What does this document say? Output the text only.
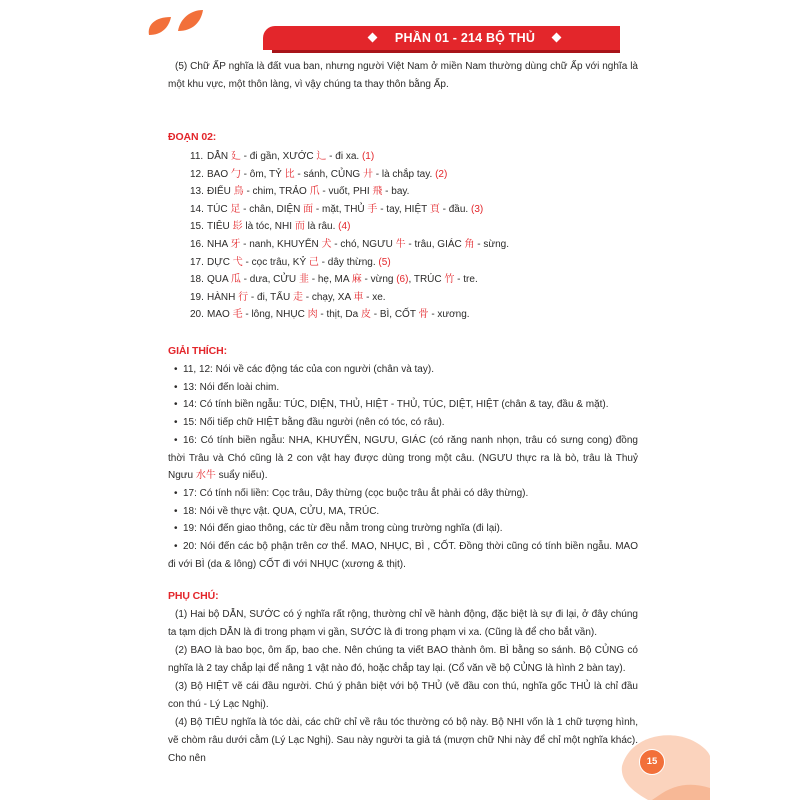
PHẦN 01 - 214 BỘ THỦ
(5) Chữ ẤP nghĩa là đất vua ban, nhưng người Việt Nam ở miền Nam thường dùng chữ Ấp với nghĩa là một khu vực, một thôn làng, vì vậy chúng ta thay thôn bằng Ấp.
ĐOẠN 02:
11. DẪN 廴 - đi gần, XƯỚC 辶 - đi xa. (1)
12. BAO 勹 - ôm, TỶ 比 - sánh, CỦNG 廾 - là chắp tay. (2)
13. ĐIỂU 鳥 - chim, TRẢO 爪 - vuốt, PHI 飛 - bay.
14. TÚC 足 - chân, DIỆN 面 - mặt, THỦ 手 - tay, HIỆT 頁 - đầu. (3)
15. TIÊU 髟 là tóc, NHI 而 là râu. (4)
16. NHA 牙 - nanh, KHUYỂN 犬 - chó, NGƯU 牛 - trâu, GIÁC 角 - sừng.
17. DỰC 弋 - cọc trâu, KỶ 己 - dây thừng. (5)
18. QUA 瓜 - dưa, CỬU 韭 - hẹ, MA 麻 - vừng (6), TRÚC 竹 - tre.
19. HÀNH 行 - đi, TẨU 走 - chạy, XA 車 - xe.
20. MAO 毛 - lông, NHỤC 肉 - thịt, Da 皮 - BÌ, CỐT 骨 - xương.
GIẢI THÍCH:
• 11, 12: Nói về các động tác của con người (chân và tay).
• 13: Nói đến loài chim.
• 14: Có tính biền ngẫu: TÚC, DIỆN, THỦ, HIỆT - THỦ, TÚC, DIỆT, HIỆT (chân & tay, đầu & mặt).
• 15: Nối tiếp chữ HIỆT bằng đầu người (nên có tóc, có râu).
• 16: Có tính biền ngẫu: NHA, KHUYỂN, NGƯU, GIÁC (có răng nanh nhọn, trâu có sưng cong) đồng thời Trâu và Chó cũng là 2 con vật hay được dùng trong một câu. (NGƯU thực ra là bò, trâu là Thuỷ Ngưu 水牛 suẩy niếu).
• 17: Có tính nối liền: Cọc trâu, Dây thừng (cọc buộc trâu ắt phải có dây thừng).
• 18: Nói về thực vật. QUA, CỬU, MA, TRÚC.
• 19: Nói đến giao thông, các từ đều nằm trong cùng trường nghĩa (đi lại).
• 20: Nói đến các bộ phận trên cơ thể. MAO, NHỤC, BÌ , CỐT. Đồng thời cũng có tính biền ngẫu. MAO đi với BÌ (da & lông) CỐT đi với NHỤC (xương & thịt).
PHỤ CHÚ:
(1) Hai bộ DẪN, SƯỚC có ý nghĩa rất rộng, thường chỉ về hành động, đặc biệt là sự đi lại, ở đây chúng ta tạm dịch DẪN là đi trong phạm vi gần, SƯỚC là đi trong phạm vi xa. (Cũng là để cho bắt vần).
(2) BAO là bao bọc, ôm ấp, bao che. Nên chúng ta viết BAO thành ôm. BÌ bằng so sánh. Bộ CỦNG có nghĩa là 2 tay chắp lại để nâng 1 vật nào đó, hoặc chắp tay lại. (Cổ văn về bộ CỦNG là hình 2 bàn tay).
(3) Bộ HIỆT vẽ cái đầu người. Chú ý phân biệt với bộ THỦ (vẽ đầu con thú, nghĩa gốc THỦ là chỉ đầu con thú - Lý Lạc Nghị).
(4) Bộ TIÊU nghĩa là tóc dài, các chữ chỉ về râu tóc thường có bộ này. Bộ NHI vốn là 1 chữ tượng hình, vẽ chòm râu dưới cằm (Lý Lạc Nghị). Sau này người ta giả tá (mượn chữ Nhi này để chỉ một nghĩa khác). Cho nên	15
